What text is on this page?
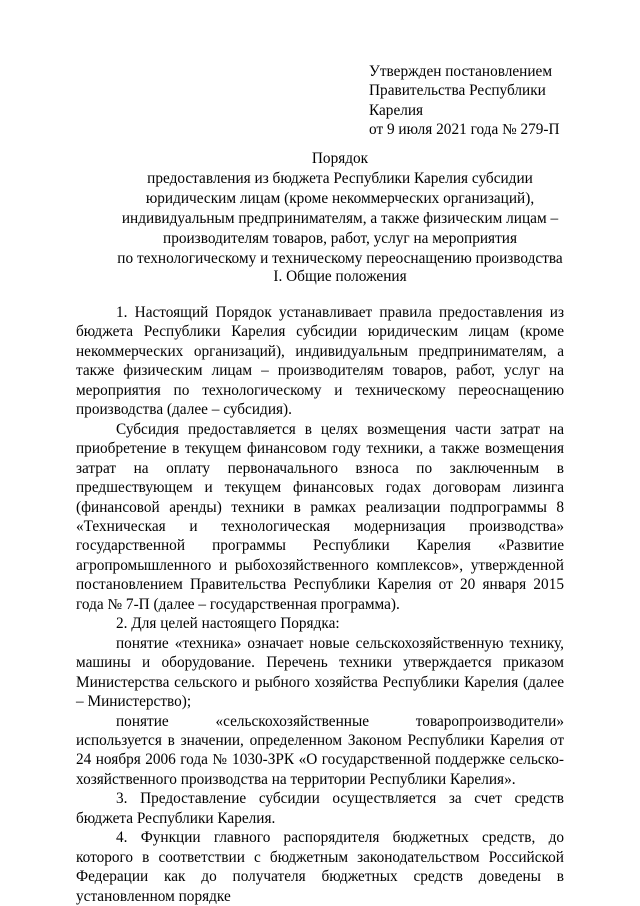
Утвержден постановлением
Правительства Республики
Карелия
от 9 июля 2021 года № 279-П
Порядок
предоставления из бюджета Республики Карелия субсидии
юридическим лицам (кроме некоммерческих организаций),
индивидуальным предпринимателям, а также физическим лицам –
производителям товаров, работ, услуг на мероприятия
по технологическому и техническому переоснащению производства
I. Общие положения

1. Настоящий Порядок устанавливает правила предоставления из бюджета Республики Карелия субсидии юридическим лицам (кроме некоммерческих организаций), индивидуальным предпринимателям, а также физическим лицам – производителям товаров, работ, услуг на мероприятия по технологическому и техническому переоснащению производства (далее – субсидия).

Субсидия предоставляется в целях возмещения части затрат на приобретение в текущем финансовом году техники, а также возмещения затрат на оплату первоначального взноса по заключенным в предшествующем и текущем финансовых годах договорам лизинга (финансовой аренды) техники в рамках реализации подпрограммы 8 «Техническая и технологическая модернизация производства» государственной программы Республики Карелия «Развитие агропромышленного и рыбохозяйственного комплексов», утвержденной постановлением Правительства Республики Карелия от 20 января 2015 года № 7-П (далее – государственная программа).

2. Для целей настоящего Порядка:

понятие «техника» означает новые сельскохозяйственную технику, машины и оборудование. Перечень техники утверждается приказом Министерства сельского и рыбного хозяйства Республики Карелия (далее – Министерство);

понятие «сельскохозяйственные товаропроизводители» используется в значении, определенном Законом Республики Карелия от 24 ноября 2006 года № 1030-ЗРК «О государственной поддержке сельско-хозяйственного производства на территории Республики Карелия».

3. Предоставление субсидии осуществляется за счет средств бюджета Республики Карелия.

4. Функции главного распорядителя бюджетных средств, до которого в соответствии с бюджетным законодательством Российской Федерации как до получателя бюджетных средств доведены в установленном порядке
